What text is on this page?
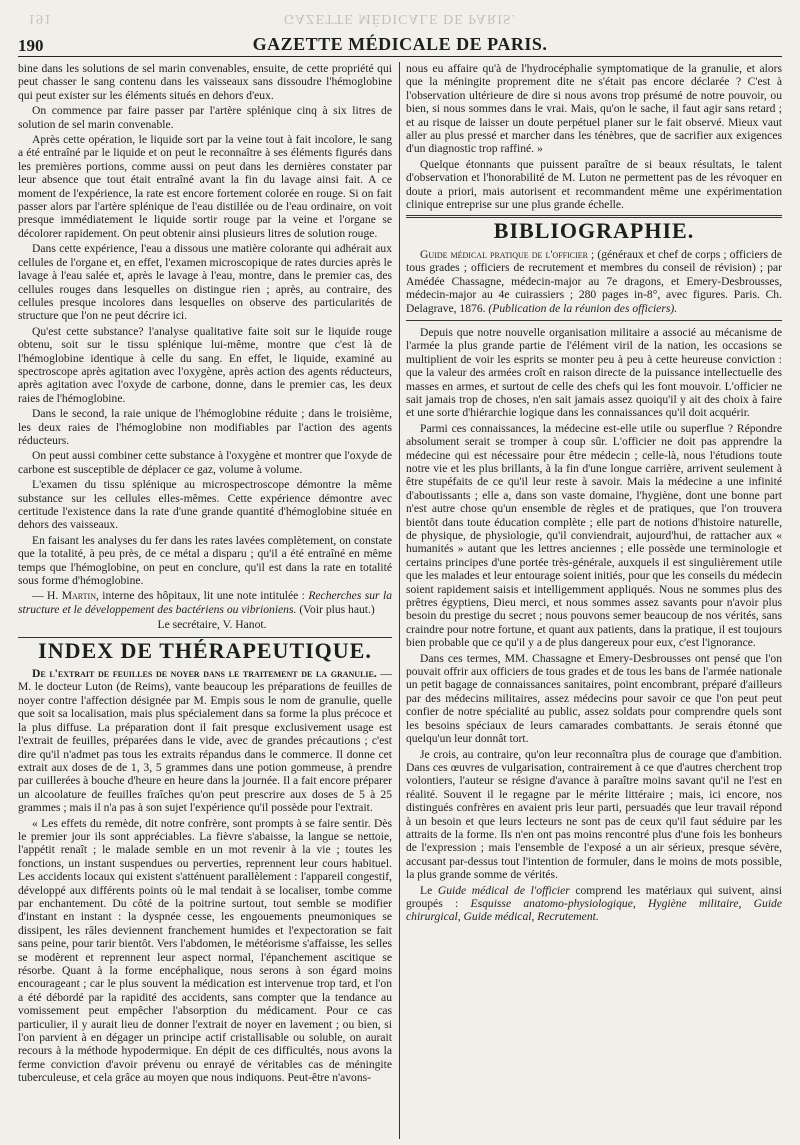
191	GAZETTE MÉDICALE DE PARIS.
190	GAZETTE MÉDICALE DE PARIS.

bine dans les solutions de sel marin convenables, ensuite, de cette propriété qui peut chasser le sang contenu dans les vaisseaux sans dissoudre l'hémoglobine qui peut exister sur les éléments situés en dehors d'eux.

On commence par faire passer par l'artère splénique cinq à six litres de solution de sel marin convenable.

Après cette opération, le liquide sort par la veine tout à fait incolore, le sang a été entraîné par le liquide et on peut le reconnaître à ses éléments figurés dans les premières portions, comme aussi on peut dans les dernières constater par leur absence que tout était entraîné avant la fin du lavage ainsi fait. A ce moment de l'expérience, la rate est encore fortement colorée en rouge. Si on fait passer alors par l'artère splénique de l'eau distillée ou de l'eau ordinaire, on voit presque immédiatement le liquide sortir rouge par la veine et l'organe se décolorer rapidement. On peut obtenir ainsi plusieurs litres de solution rouge.

Dans cette expérience, l'eau a dissous une matière colorante qui adhérait aux cellules de l'organe et, en effet, l'examen microscopique de rates durcies après le lavage à l'eau salée et, après le lavage à l'eau, montre, dans le premier cas, des cellules rouges dans lesquelles on distingue rien ; après, au contraire, des cellules presque incolores dans lesquelles on observe des particularités de structure que l'on ne peut décrire ici.

Qu'est cette substance? l'analyse qualitative faite soit sur le liquide rouge obtenu, soit sur le tissu splénique lui-même, montre que c'est là de l'hémoglobine identique à celle du sang. En effet, le liquide, examiné au spectroscope après agitation avec l'oxygène, après action des agents réducteurs, après agitation avec l'oxyde de carbone, donne, dans le premier cas, les deux raies de l'hémoglobine.

Dans le second, la raie unique de l'hémoglobine réduite ; dans le troisième, les deux raies de l'hémoglobine non modifiables par l'action des agents réducteurs.

On peut aussi combiner cette substance à l'oxygène et montrer que l'oxyde de carbone est susceptible de déplacer ce gaz, volume à volume.

L'examen du tissu splénique au microspectroscope démontre la même substance sur les cellules elles-mêmes. Cette expérience démontre avec certitude l'existence dans la rate d'une grande quantité d'hémoglobine située en dehors des vaisseaux.

En faisant les analyses du fer dans les rates lavées complètement, on constate que la totalité, à peu près, de ce métal a disparu ; qu'il a été entraîné en même temps que l'hémoglobine, on peut en conclure, qu'il est dans la rate en totalité sous forme d'hémoglobine.

— H. Martin, interne des hôpitaux, lit une note intitulée : Recherches sur la structure et le développement des bactériens ou vibrioniens. (Voir plus haut.)

Le secrétaire, V. Hanot.

INDEX DE THÉRAPEUTIQUE.

De l'extrait de feuilles de noyer dans le traitement de la granulie. — M. le docteur Luton (de Reims), vante beaucoup les préparations de feuilles de noyer contre l'affection désignée par M. Empis sous le nom de granulie, quelle que soit sa localisation, mais plus spécialement dans sa forme la plus précoce et la plus diffuse. La préparation dont il fait presque exclusivement usage est l'extrait de feuilles, préparées dans le vide, avec de grandes précautions ; c'est dire qu'il n'admet pas tous les extraits répandus dans le commerce. Il donne cet extrait aux doses de de 1, 3, 5 grammes dans une potion gommeuse, à prendre par cuillerées à bouche d'heure en heure dans la journée. Il a fait encore préparer un alcoolature de feuilles fraîches qu'on peut prescrire aux doses de 5 à 25 grammes ; mais il n'a pas à son sujet l'expérience qu'il possède pour l'extrait.

« Les effets du remède, dit notre confrère, sont prompts à se faire sentir. Dès le premier jour ils sont appréciables. La fièvre s'abaisse, la langue se nettoie, l'appétit renaît ; le malade semble en un mot revenir à la vie ; toutes les fonctions, un instant suspendues ou perverties, reprennent leur cours habituel. Les accidents locaux qui existent s'atténuent parallèlement : l'appareil congestif, développé aux différents points où le mal tendait à se localiser, tombe comme par enchantement. Du côté de la poitrine surtout, tout semble se modifier d'instant en instant : la dyspnée cesse, les engouements pneumoniques se dissipent, les râles deviennent franchement humides et l'expectoration se fait sans peine, pour tarir bientôt. Vers l'abdomen, le météorisme s'affaisse, les selles se modèrent et reprennent leur aspect normal, l'épanchement ascitique se résorbe. Quant à la forme encéphalique, nous serons à son égard moins encourageant ; car le plus souvent la médication est intervenue trop tard, et l'on a été débordé par la rapidité des accidents, sans compter que la tendance au vomissement peut empêcher l'absorption du médicament. Pour ce cas particulier, il y aurait lieu de donner l'extrait de noyer en lavement ; ou bien, si l'on parvient à en dégager un principe actif cristallisable ou soluble, on aurait recours à la méthode hypodermique. En dépit de ces difficultés, nous avons la ferme conviction d'avoir prévenu ou enrayé de véritables cas de méningite tuberculeuse, et cela grâce au moyen que nous indiquons. Peut-être n'avons-

nous eu affaire qu'à de l'hydrocéphalie symptomatique de la granulie, et alors que la méningite proprement dite ne s'était pas encore déclarée ? C'est à l'observation ultérieure de dire si nous avons trop présumé de notre pouvoir, ou bien, si nous sommes dans le vrai. Mais, qu'on le sache, il faut agir sans retard ; et au risque de laisser un doute perpétuel planer sur le fait observé. Mieux vaut aller au plus pressé et marcher dans les ténèbres, que de sacrifier aux exigences d'un diagnostic trop raffiné. »

Quelque étonnants que puissent paraître de si beaux résultats, le talent d'observation et l'honorabilité de M. Luton ne permettent pas de les révoquer en doute a priori, mais autorisent et recommandent même une expérimentation clinique entreprise sur une plus grande échelle.

BIBLIOGRAPHIE.

Guide médical pratique de l'officier ; (généraux et chef de corps ; officiers de tous grades ; officiers de recrutement et membres du conseil de révision) ; par Amédée Chassagne, médecin-major au 7e dragons, et Emery-Desbrousses, médecin-major au 4e cuirassiers ; 280 pages in-8°, avec figures. Paris. Ch. Delagrave, 1876. (Publication de la réunion des officiers).

Depuis que notre nouvelle organisation militaire a associé au mécanisme de l'armée la plus grande partie de l'élément viril de la nation, les occasions se multiplient de voir les esprits se monter peu à peu à cette heureuse conviction : que la valeur des armées croît en raison directe de la puissance intellectuelle des masses en armes, et surtout de celle des chefs qui les font mouvoir. L'officier ne sait jamais trop de choses, n'en sait jamais assez quoiqu'il y ait des choix à faire et une sorte d'hiérarchie logique dans les connaissances qu'il doit acquérir.

Parmi ces connaissances, la médecine est-elle utile ou superflue ? Répondre absolument serait se tromper à coup sûr. L'officier ne doit pas apprendre la médecine qui est nécessaire pour être médecin ; celle-là, nous l'étudions toute notre vie et les plus brillants, à la fin d'une longue carrière, arrivent seulement à être stupéfaits de ce qu'il leur reste à savoir. Mais la médecine a une infinité d'aboutissants ; elle a, dans son vaste domaine, l'hygiène, dont une bonne part n'est autre chose qu'un ensemble de règles et de pratiques, que l'on trouvera bientôt dans toute éducation complète ; elle part de notions d'histoire naturelle, de physique, de physiologie, qu'il conviendrait, aujourd'hui, de rattacher aux « humanités » autant que les lettres anciennes ; elle possède une terminologie et certains principes d'une portée très-générale, auxquels il est singulièrement utile que les malades et leur entourage soient initiés, pour que les conseils du médecin soient rapidement saisis et intelligemment appliqués. Nous ne sommes plus des prêtres égyptiens, Dieu merci, et nous sommes assez savants pour n'avoir plus besoin du prestige du secret ; nous pouvons semer beaucoup de nos vérités, sans craindre pour notre fortune, et quant aux patients, dans la pratique, il est toujours bien probable que ce qu'il y a de plus dangereux pour eux, c'est l'ignorance.

Dans ces termes, MM. Chassagne et Emery-Desbrousses ont pensé que l'on pouvait offrir aux officiers de tous grades et de tous les bans de l'armée nationale un petit bagage de connaissances sanitaires, point encombrant, préparé d'ailleurs par des médecins militaires, assez médecins pour savoir ce que l'on peut peut confier de notre spécialité au public, assez soldats pour comprendre quels sont les besoins spéciaux de leurs camarades combattants. Je serais étonné que quelqu'un leur donnât tort.

Je crois, au contraire, qu'on leur reconnaîtra plus de courage que d'ambition. Dans ces œuvres de vulgarisation, contrairement à ce que d'autres cherchent trop volontiers, l'auteur se résigne d'avance à paraître moins savant qu'il ne l'est en réalité. Souvent il le regagne par le mérite littéraire ; mais, ici encore, nos distingués confrères en avaient pris leur parti, persuadés que leur travail répond à un besoin et que leurs lecteurs ne sont pas de ceux qu'il faut séduire par les attraits de la forme. Ils n'en ont pas moins rencontré plus d'une fois les bonheurs de l'expression ; mais l'ensemble de l'exposé a un air sérieux, presque sévère, accusant par-dessus tout l'intention de formuler, dans le moins de mots possible, la plus grande somme de vérités.

Le Guide médical de l'officier comprend les matériaux qui suivent, ainsi groupés : Esquisse anatomo-physiologique, Hygiène militaire, Guide chirurgical, Guide médical, Recrutement.
